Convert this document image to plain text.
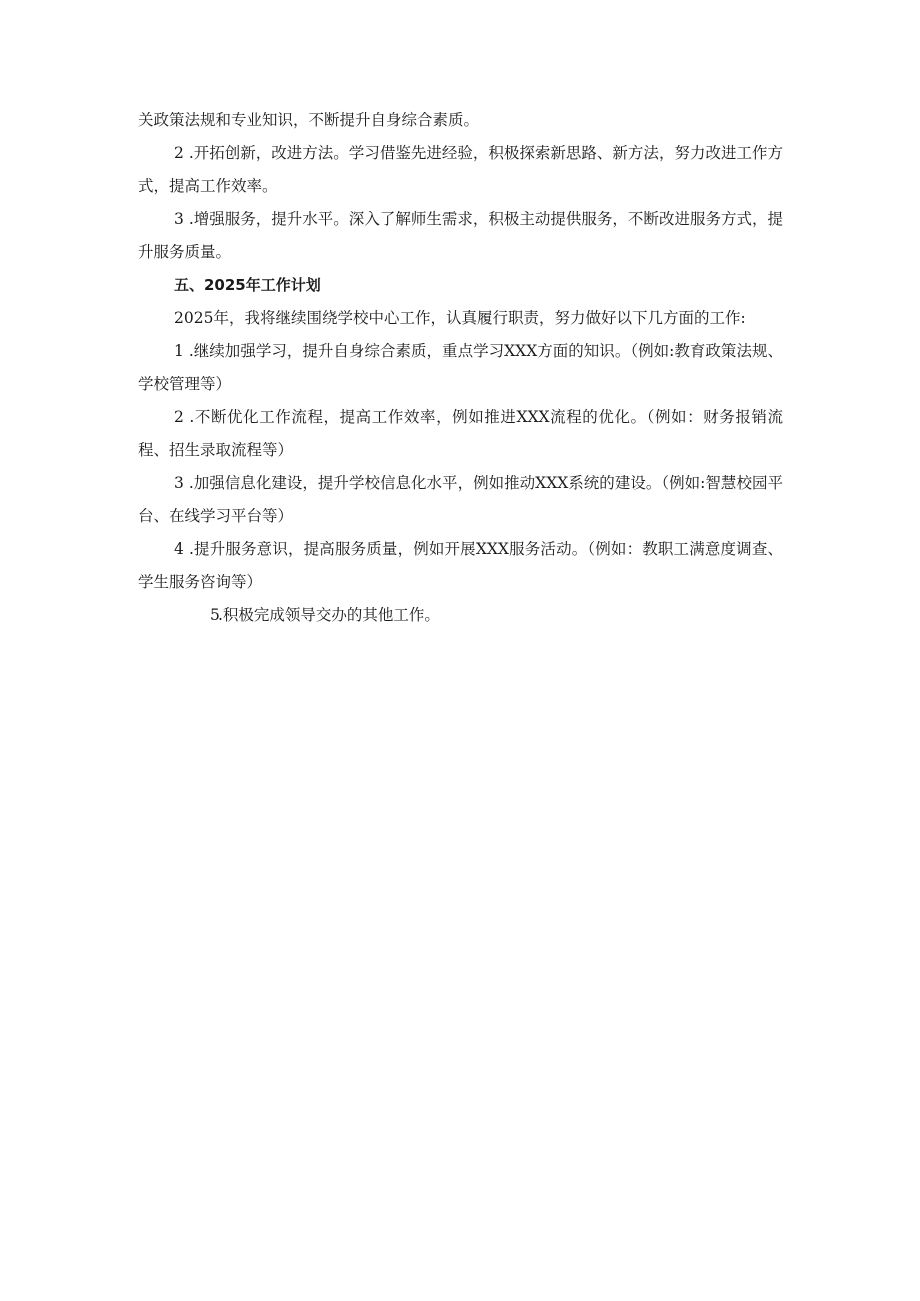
关政策法规和专业知识，不断提升自身综合素质。

2 .开拓创新，改进方法。学习借鉴先进经验，积极探索新思路、新方法，努力改进工作方式，提高工作效率。

3 .增强服务，提升水平。深入了解师生需求，积极主动提供服务，不断改进服务方式，提升服务质量。

五、2025年工作计划

2025年，我将继续围绕学校中心工作，认真履行职责，努力做好以下几方面的工作:

1 .继续加强学习，提升自身综合素质，重点学习XXX方面的知识。（例如:教育政策法规、学校管理等）

2 .不断优化工作流程，提高工作效率，例如推进XXX流程的优化。（例如：财务报销流程、招生录取流程等）

3 .加强信息化建设，提升学校信息化水平，例如推动XXX系统的建设。（例如:智慧校园平台、在线学习平台等）

4 .提升服务意识，提高服务质量，例如开展XXX服务活动。（例如：教职工满意度调查、学生服务咨询等）

5.积极完成领导交办的其他工作。
